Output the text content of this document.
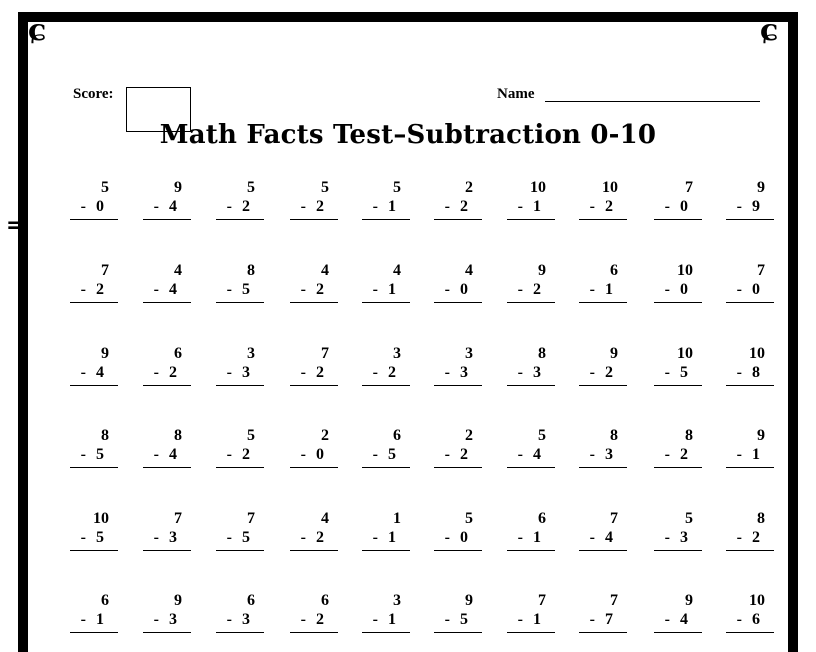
ɕ	ɕ
=
Score:	Name
Math Facts Test–Subtraction 0-10
5
- 0
9
- 4
5
- 2
5
- 2
5
- 1
2
- 2
10
- 1
10
- 2
7
- 0
9
- 9
7
- 2
4
- 4
8
- 5
4
- 2
4
- 1
4
- 0
9
- 2
6
- 1
10
- 0
7
- 0
9
- 4
6
- 2
3
- 3
7
- 2
3
- 2
3
- 3
8
- 3
9
- 2
10
- 5
10
- 8
8
- 5
8
- 4
5
- 2
2
- 0
6
- 5
2
- 2
5
- 4
8
- 3
8
- 2
9
- 1
10
- 5
7
- 3
7
- 5
4
- 2
1
- 1
5
- 0
6
- 1
7
- 4
5
- 3
8
- 2
6
- 1
9
- 3
6
- 3
6
- 2
3
- 1
9
- 5
7
- 1
7
- 7
9
- 4
10
- 6
